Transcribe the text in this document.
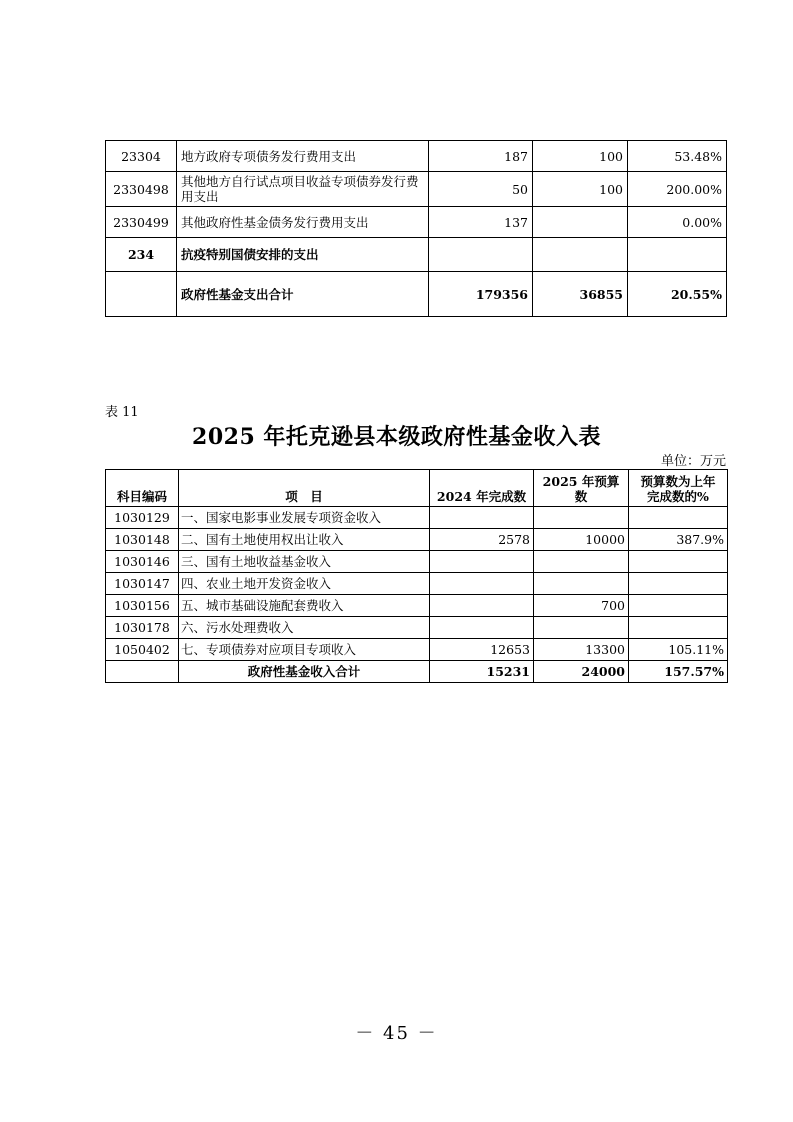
23304	地方政府专项债务发行费用支出	187	100	53.48%
2330498	其他地方自行试点项目收益专项债券发行费用支出	50	100	200.00%
2330499	其他政府性基金债务发行费用支出	137		0.00%
234	抗疫特别国债安排的支出			
	政府性基金支出合计	179356	36855	20.55%
表 11
2025 年托克逊县本级政府性基金收入表
单位：万元
科目编码	项　目	2024 年完成数	2025 年预算数	预算数为上年
完成数的%

1030129	一、国家电影事业发展专项资金收入			
1030148	二、国有土地使用权出让收入	2578	10000	387.9%
1030146	三、国有土地收益基金收入			
1030147	四、农业土地开发资金收入			
1030156	五、城市基础设施配套费收入		700	
1030178	六、污水处理费收入			
1050402	七、专项债券对应项目专项收入	12653	13300	105.11%
	政府性基金收入合计	15231	24000	157.57%
－ 45 －
